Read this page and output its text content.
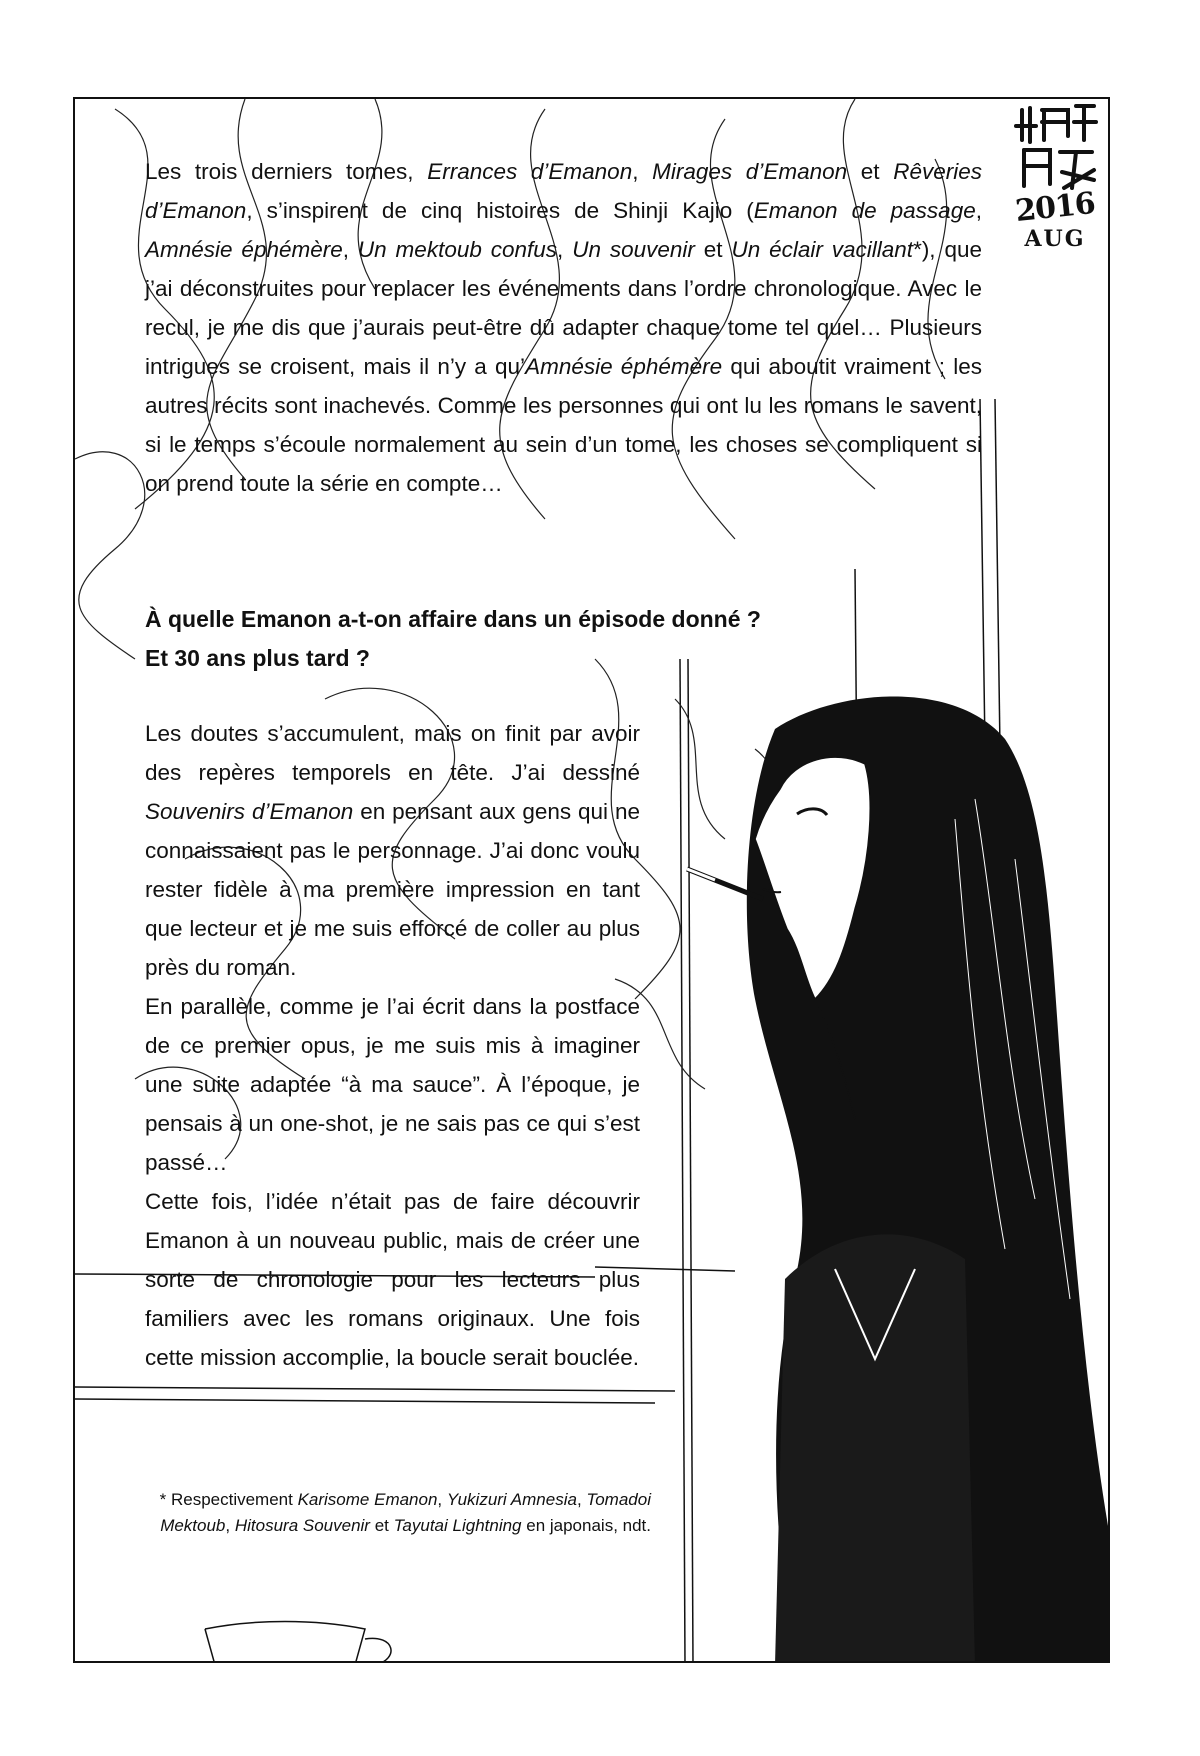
2016
AUG

Les trois derniers tomes, Errances d’Emanon, Mirages d’Emanon et Rêveries d’Emanon, s’inspirent de cinq histoires de Shinji Kajio (Emanon de passage, Amnésie éphémère, Un mektoub confus, Un souvenir et Un éclair vacillant*), que j’ai déconstruites pour replacer les événements dans l’ordre chronologique. Avec le recul, je me dis que j’aurais peut-être dû adapter chaque tome tel quel… Plusieurs intrigues se croisent, mais il n’y a qu’Amnésie éphémère qui aboutit vraiment ; les autres récits sont inachevés. Comme les personnes qui ont lu les romans le savent, si le temps s’écoule normalement au sein d’un tome, les choses se compliquent si on prend toute la série en compte…

À quelle Emanon a-t-on affaire dans un épisode donné ?
Et 30 ans plus tard ?

Les doutes s’accumulent, mais on finit par avoir des repères temporels en tête. J’ai dessiné Souvenirs d’Emanon en pensant aux gens qui ne connaissaient pas le personnage. J’ai donc voulu rester fidèle à ma première impression en tant que lecteur et je me suis efforcé de coller au plus près du roman.

En parallèle, comme je l’ai écrit dans la postface de ce premier opus, je me suis mis à imaginer une suite adaptée “à ma sauce”. À l’époque, je pensais à un one-shot, je ne sais pas ce qui s’est passé…

Cette fois, l’idée n’était pas de faire découvrir Emanon à un nouveau public, mais de créer une sorte de chronologie pour les lecteurs plus familiers avec les romans originaux. Une fois cette mission accomplie, la boucle serait bouclée.

* Respectivement Karisome Emanon, Yukizuri Amnesia, Tomadoi Mektoub, Hitosura Souvenir et Tayutai Lightning en japonais, ndt.
